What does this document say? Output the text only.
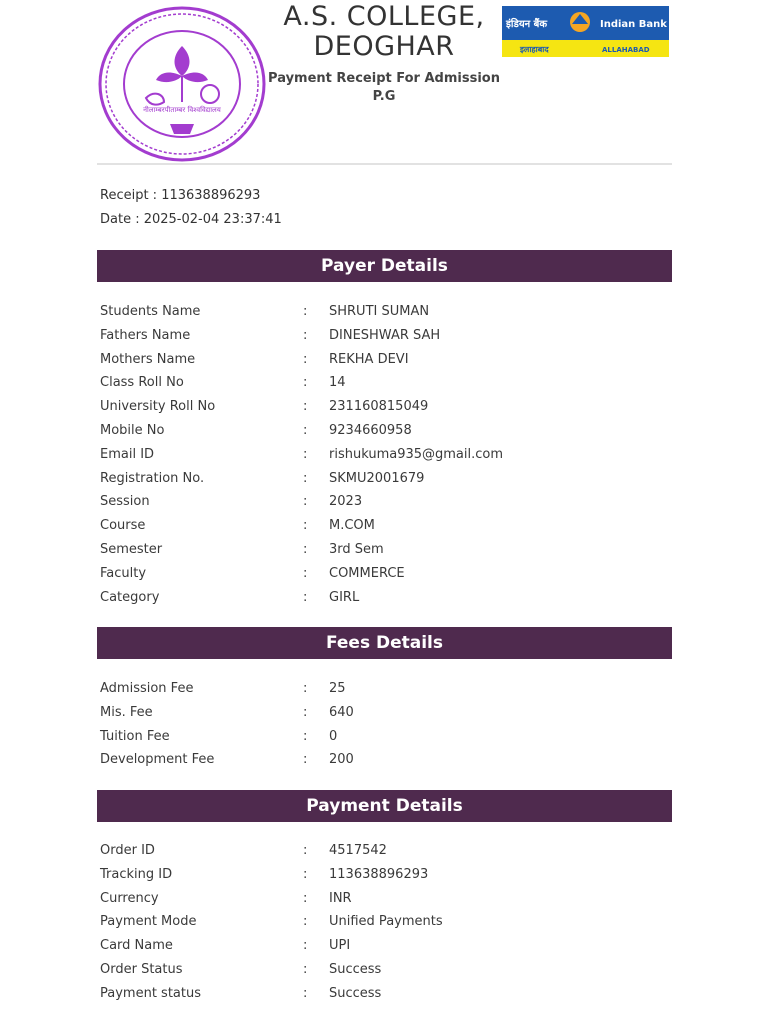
नीलाम्बरपीताम्बर विश्वविद्यालय
A.S. COLLEGE,
DEOGHAR
Payment Receipt For Admission
P.G
इंडियन बैंक	Indian Bank
इलाहाबाद	ALLAHABAD
Receipt : 113638896293
Date : 2025-02-04 23:37:41
Payer Details
Students Name	: SHRUTI SUMAN
Fathers Name	: DINESHWAR SAH
Mothers Name	: REKHA DEVI
Class Roll No	: 14
University Roll No	: 231160815049
Mobile No	: 9234660958
Email ID	: rishukuma935@gmail.com
Registration No.	: SKMU2001679
Session	: 2023
Course	: M.COM
Semester	: 3rd Sem
Faculty	: COMMERCE
Category	: GIRL
Fees Details
Admission Fee	: 25
Mis. Fee	: 640
Tuition Fee	: 0
Development Fee	: 200
Payment Details
Order ID	: 4517542
Tracking ID	: 113638896293
Currency	: INR
Payment Mode	: Unified Payments
Card Name	: UPI
Order Status	: Success
Payment status	: Success
